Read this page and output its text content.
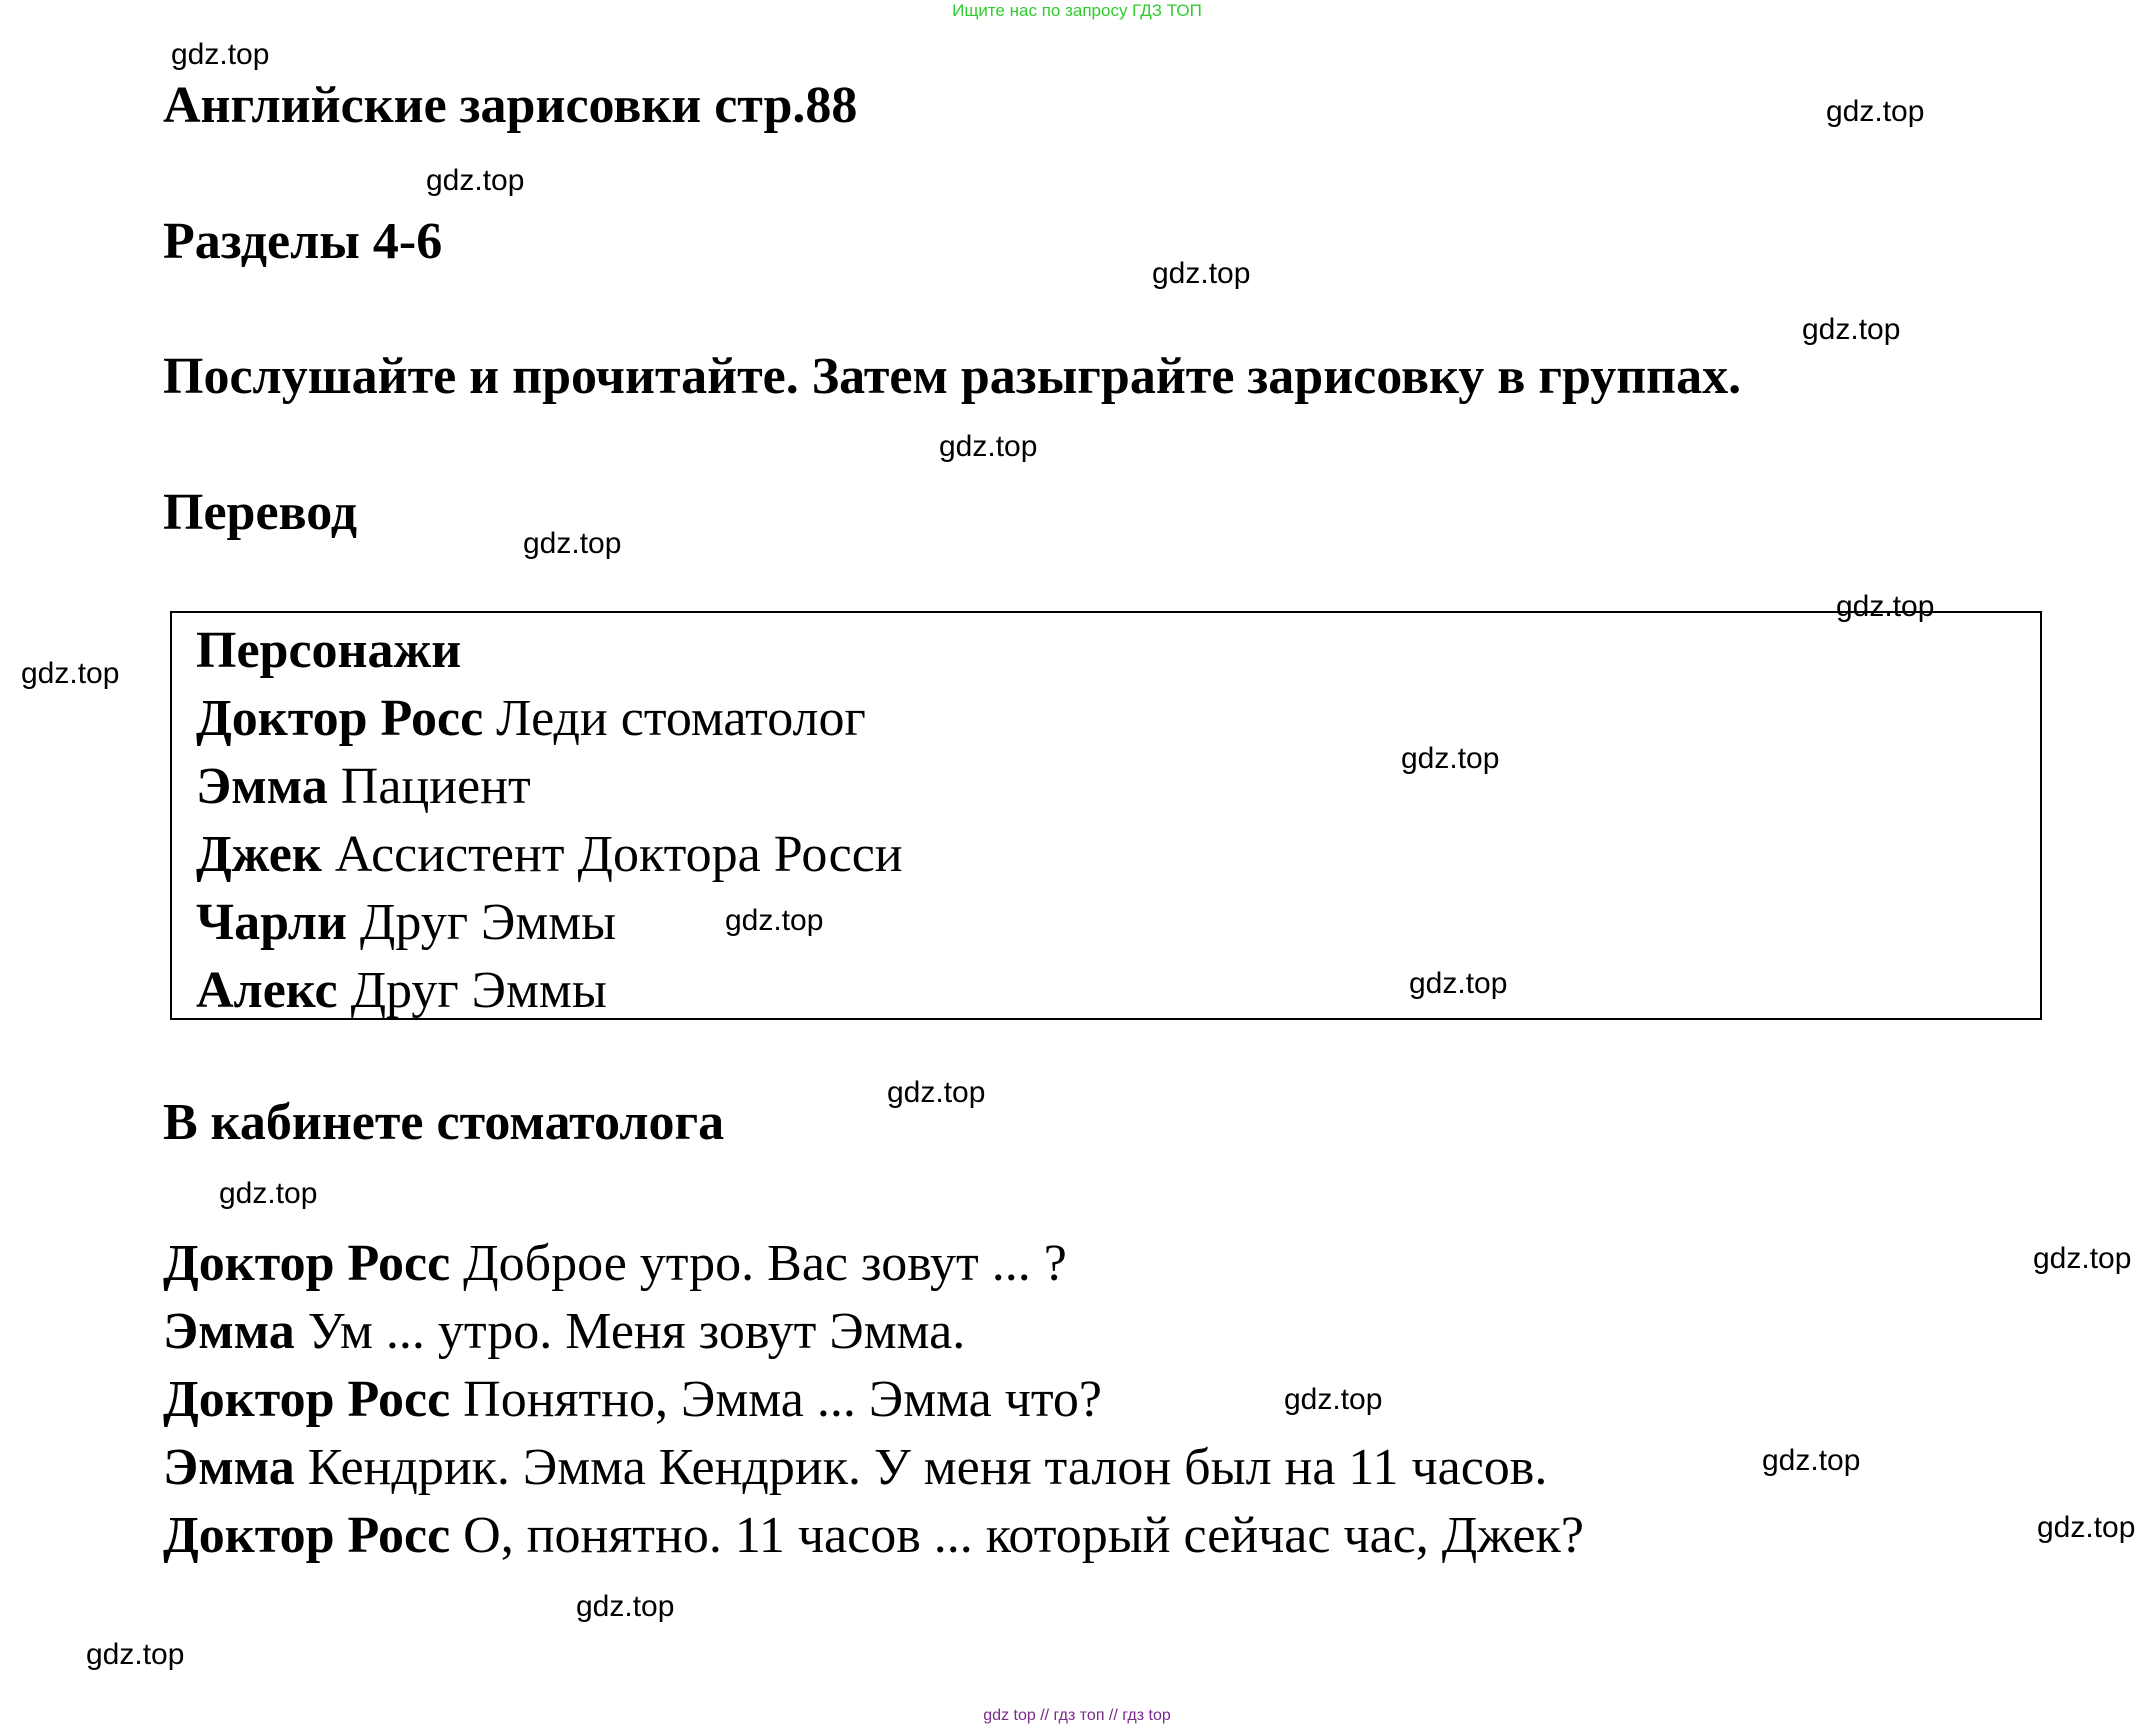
Ищите нас по запросу ГДЗ ТОП
Английские зарисовки стр.88
Разделы 4-6
Послушайте и прочитайте. Затем разыграйте зарисовку в группах.
Перевод
Персонажи
Доктор Росс Леди стоматолог
Эмма Пациент
Джек Ассистент Доктора Росси
Чарли Друг Эммы
Алекс Друг Эммы
В кабинете стоматолога
Доктор Росс Доброе утро. Вас зовут ... ?
Эмма Ум ... утро. Меня зовут Эмма.
Доктор Росс Понятно, Эмма ... Эмма что?
Эмма Кендрик. Эмма Кендрик. У меня талон был на 11 часов.
Доктор Росс О, понятно. 11 часов ... который сейчас час, Джек?
gdz.top
gdz.top
gdz.top
gdz.top
gdz.top
gdz.top
gdz.top
gdz.top
gdz.top
gdz.top
gdz.top
gdz.top
gdz.top
gdz.top
gdz.top
gdz.top
gdz.top
gdz.top
gdz.top
gdz.top
gdz top // гдз топ // гдз top
